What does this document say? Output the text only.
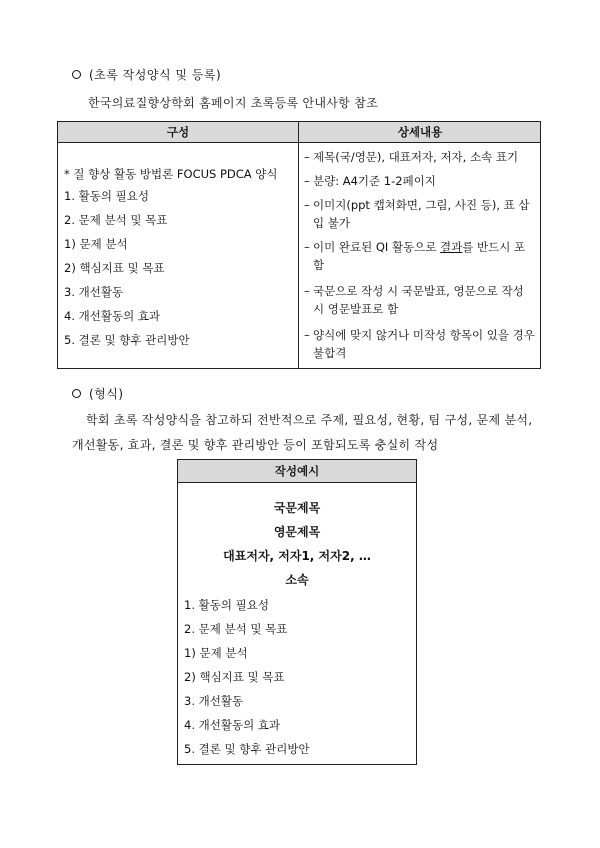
(초록 작성양식 및 등록)
한국의료질향상학회 홈페이지 초록등록 안내사항 참조
구성	상세내용
* 질 향상 활동 방법론 FOCUS PDCA 양식
1. 활동의 필요성
2. 문제 분석 및 목표
1) 문제 분석
2) 핵심지표 및 목표
3. 개선활동
4. 개선활동의 효과
5. 결론 및 향후 관리방안
– 제목(국/영문), 대표저자, 저자, 소속 표기
– 분량: A4기준 1-2페이지
– 이미지(ppt 캡쳐화면, 그림, 사진 등), 표 삽입 불가
– 이미 완료된 QI 활동으로 결과를 반드시 포함
– 국문으로 작성 시 국문발표, 영문으로 작성 시 영문발표로 함
– 양식에 맞지 않거나 미작성 항목이 있을 경우 불합격
(형식)
학회 초록 작성양식을 참고하되 전반적으로 주제, 필요성, 현황, 팀 구성, 문제 분석,
개선활동, 효과, 결론 및 향후 관리방안 등이 포함되도록 충실히 작성
작성예시
국문제목
영문제목
대표저자, 저자1, 저자2, …
소속
1. 활동의 필요성
2. 문제 분석 및 목표
1) 문제 분석
2) 핵심지표 및 목표
3. 개선활동
4. 개선활동의 효과
5. 결론 및 향후 관리방안
